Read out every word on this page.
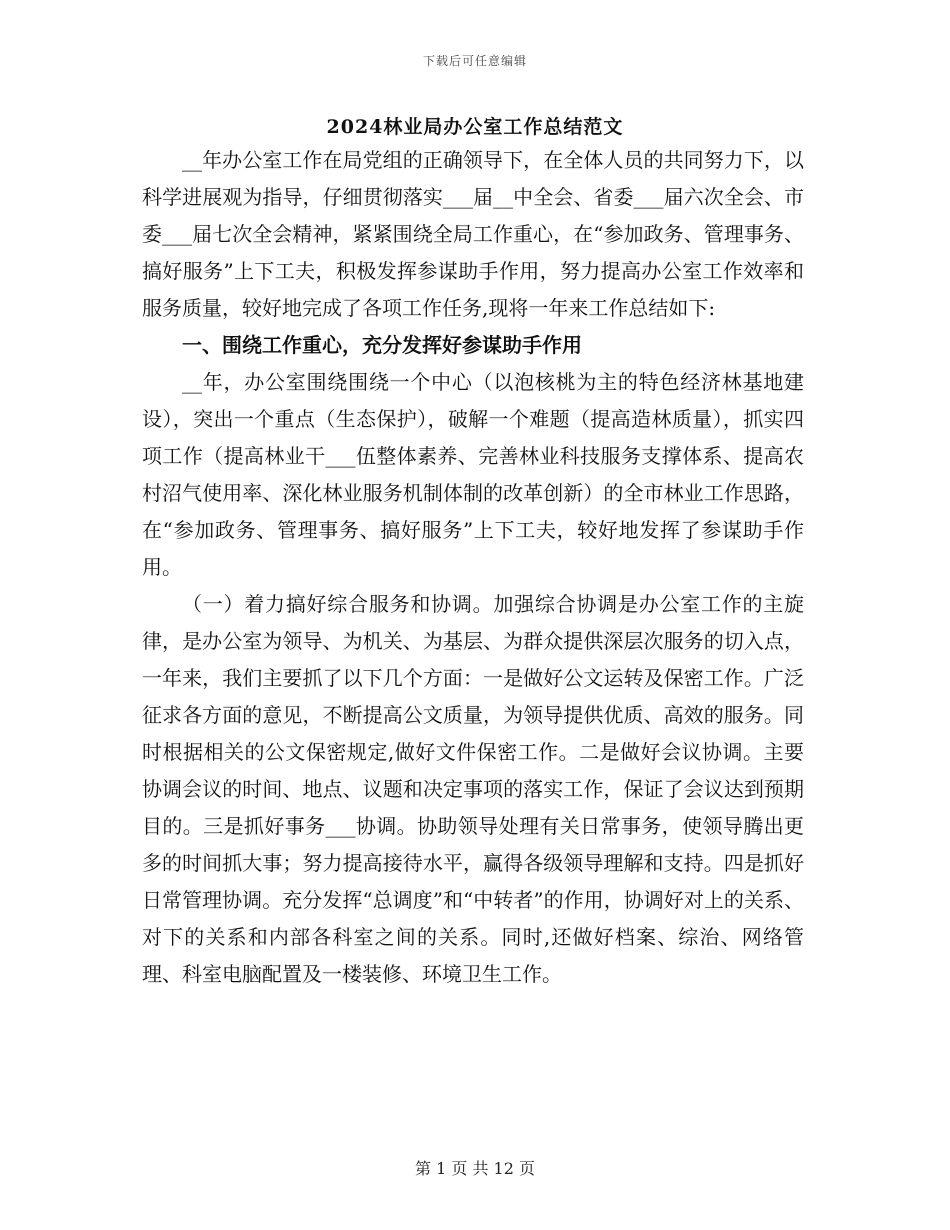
下载后可任意编辑
2024林业局办公室工作总结范文

__年办公室工作在局党组的正确领导下，在全体人员的共同努力下，以科学进展观为指导，仔细贯彻落实___届__中全会、省委___届六次全会、市委___届七次全会精神，紧紧围绕全局工作重心，在“参加政务、管理事务、搞好服务”上下工夫，积极发挥参谋助手作用，努力提高办公室工作效率和服务质量，较好地完成了各项工作任务,现将一年来工作总结如下:

一、围绕工作重心，充分发挥好参谋助手作用

__年，办公室围绕围绕一个中心（以泡核桃为主的特色经济林基地建设），突出一个重点（生态保护），破解一个难题（提高造林质量），抓实四项工作（提高林业干___伍整体素养、完善林业科技服务支撑体系、提高农村沼气使用率、深化林业服务机制体制的改革创新）的全市林业工作思路，在“参加政务、管理事务、搞好服务”上下工夫，较好地发挥了参谋助手作用。

（一）着力搞好综合服务和协调。加强综合协调是办公室工作的主旋律，是办公室为领导、为机关、为基层、为群众提供深层次服务的切入点，一年来，我们主要抓了以下几个方面：一是做好公文运转及保密工作。广泛征求各方面的意见，不断提高公文质量，为领导提供优质、高效的服务。同时根据相关的公文保密规定,做好文件保密工作。二是做好会议协调。主要协调会议的时间、地点、议题和决定事项的落实工作，保证了会议达到预期目的。三是抓好事务___协调。协助领导处理有关日常事务，使领导腾出更多的时间抓大事；努力提高接待水平，赢得各级领导理解和支持。四是抓好日常管理协调。充分发挥“总调度”和“中转者”的作用，协调好对上的关系、对下的关系和内部各科室之间的关系。同时,还做好档案、综治、网络管理、科室电脑配置及一楼装修、环境卫生工作。

第 1 页 共 12 页
